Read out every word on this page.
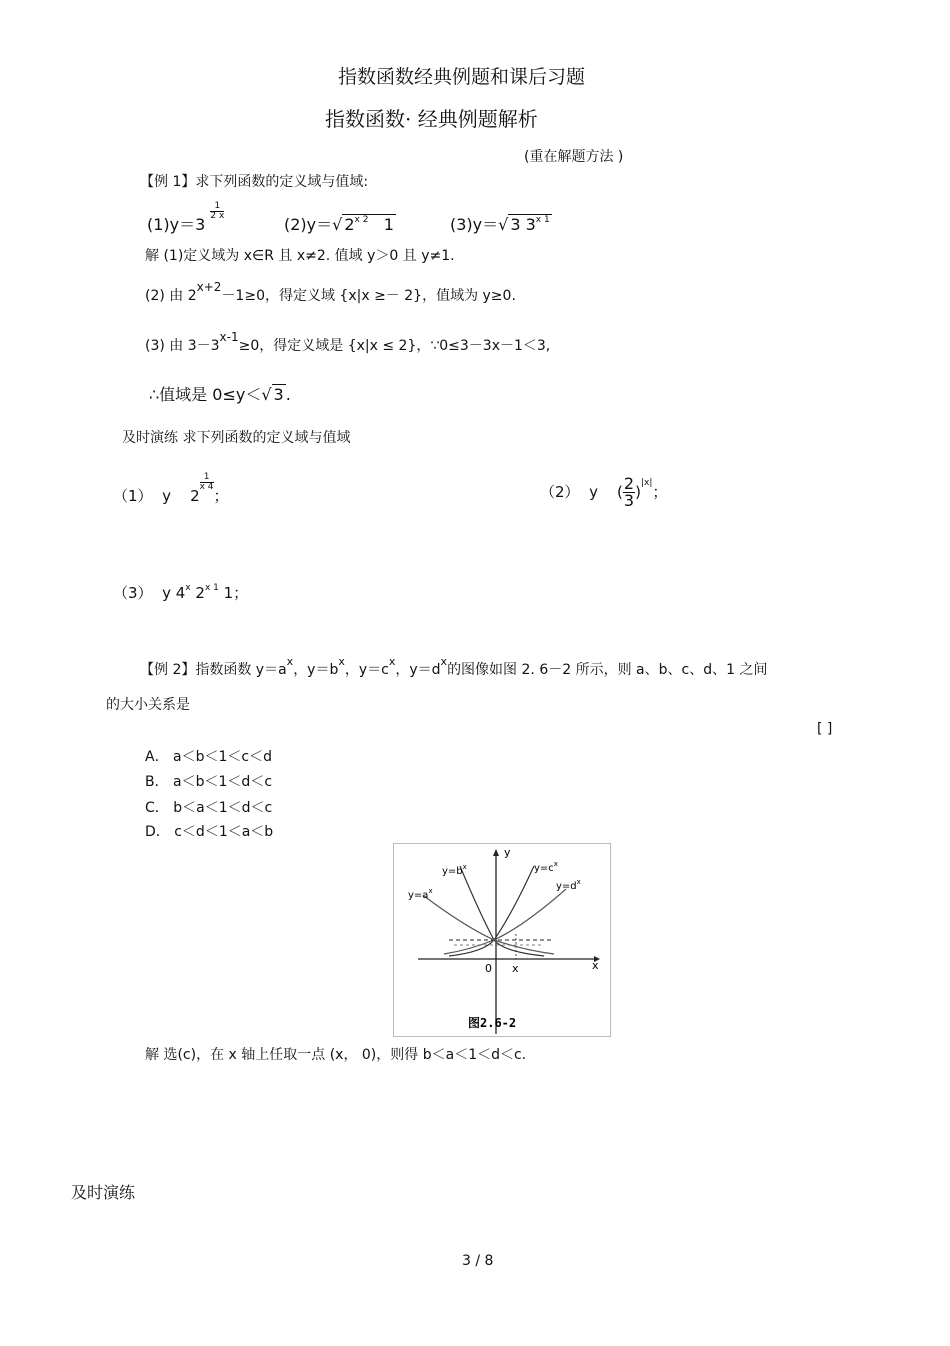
指数函数经典例题和课后习题
指数函数· 经典例题解析
(重在解题方法 )
【例 1】求下列函数的定义域与值域:
(1)y＝3
$\frac{1}{2 x}$
(2)y＝√ $2^{x 2}$ 1	(3)y＝√ 3 $3^{x 1}$
解 (1)定义域为 x∈R 且 x≠2. 值域 y＞0 且 y≠1.
(2) 由 2x+2－1≥0，得定义域 {x|x ≥－ 2}，值域为 y≥0.
(3) 由 3－3x-1≥0，得定义域是 {x|x ≤ 2}，∵0≤3－3x－1＜3,
∴值域是 0≤y＜√ 3 .
及时演练 求下列函数的定义域与值域
（1） y 2
$\frac{1}{x 4}$
；	（2） y    ( $\frac{2}{3} )^{|x|}$；
（3） y 4$^x$ $2^{x 1}$ 1；
【例 2】指数函数 $y=a^x$，$y=b^x$，$y=c^x$，$y=d^x$的图像如图 2. 6－2 所示，则 a、b、c、d、1 之间
的大小关系是
[ ]
A． a＜b＜1＜c＜d
B． a＜b＜1＜d＜c
C． b＜a＜1＜d＜c
D． c＜d＜1＜a＜b
$y=b^x$
$y=a^x$
$y=c^x$
$y=d^x$
y
x
0 x
图2.6-2
解 选(c)，在 x 轴上任取一点 (x， 0)，则得 b＜a＜1＜d＜c.
及时演练
3 / 8
